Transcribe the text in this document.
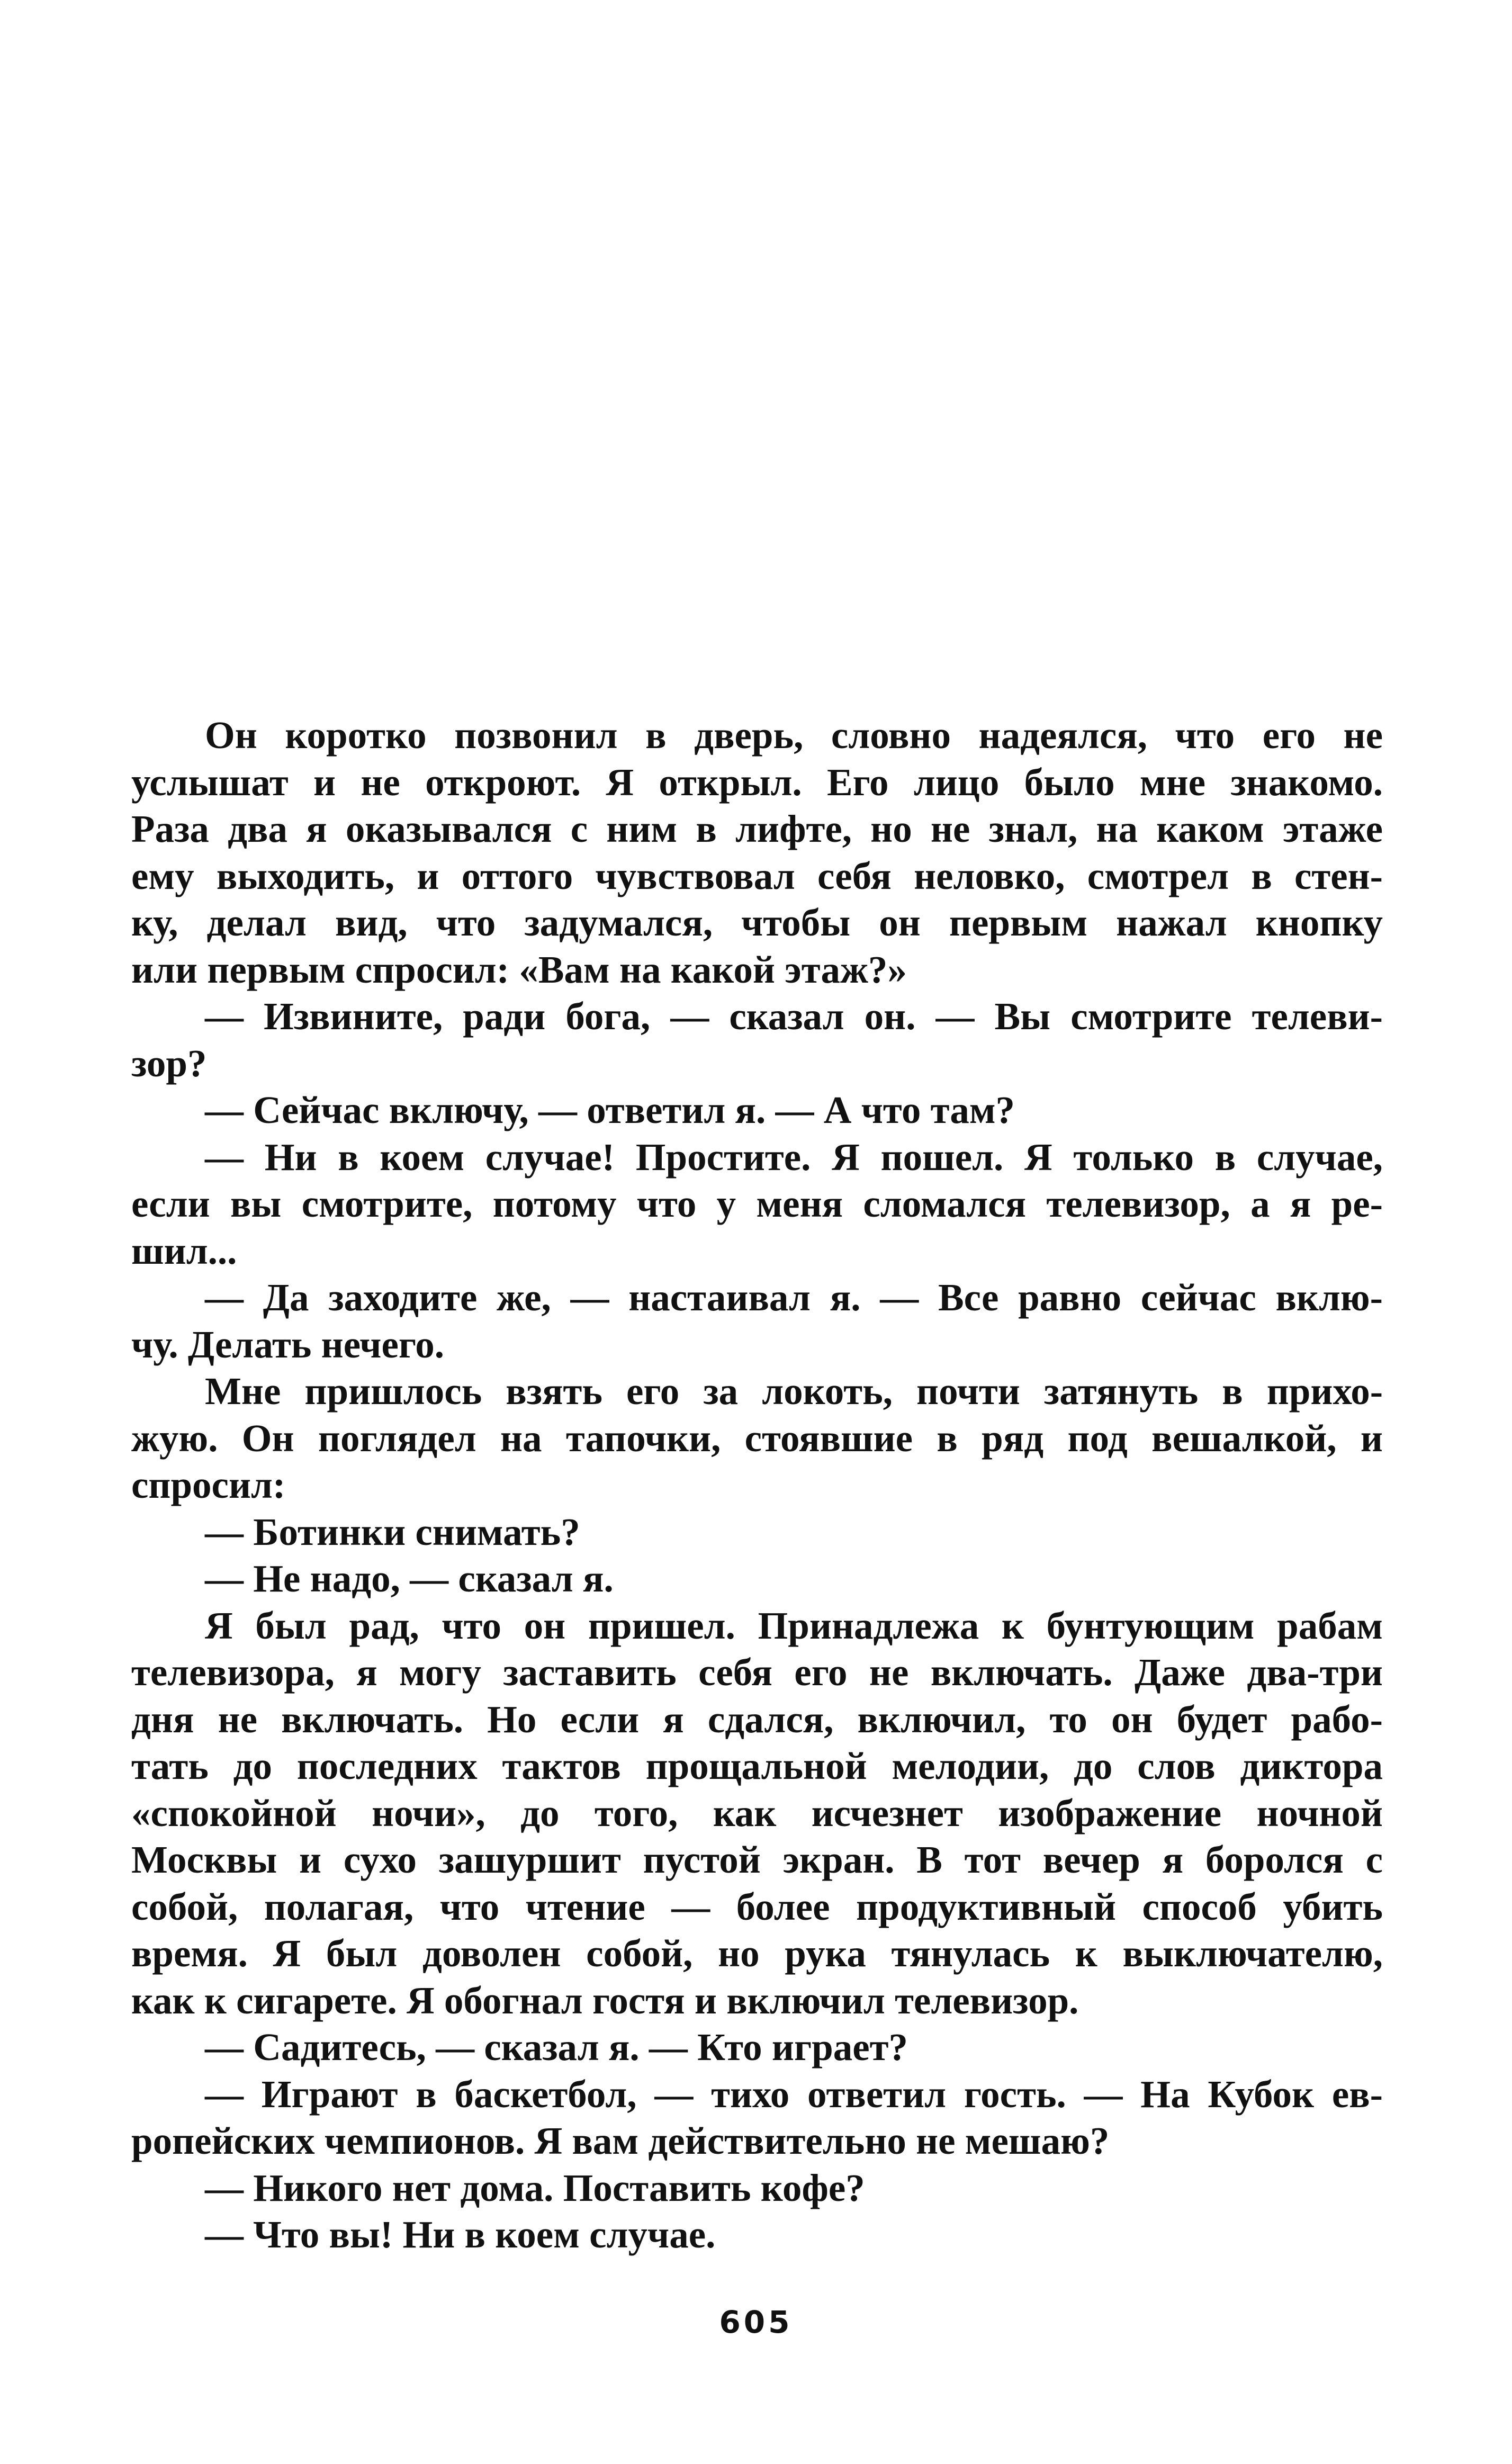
Он коротко позвонил в дверь, словно надеялся, что его не
услышат и не откроют. Я открыл. Его лицо было мне знакомо.
Раза два я оказывался с ним в лифте, но не знал, на каком этаже
ему выходить, и оттого чувствовал себя неловко, смотрел в стен-
ку, делал вид, что задумался, чтобы он первым нажал кнопку
или первым спросил: «Вам на какой этаж?»
— Извините, ради бога, — сказал он. — Вы смотрите телеви-
зор?
— Сейчас включу, — ответил я. — А что там?
— Ни в коем случае! Простите. Я пошел. Я только в случае,
если вы смотрите, потому что у меня сломался телевизор, а я ре-
шил...
— Да заходите же, — настаивал я. — Все равно сейчас вклю-
чу. Делать нечего.
Мне пришлось взять его за локоть, почти затянуть в прихо-
жую. Он поглядел на тапочки, стоявшие в ряд под вешалкой, и
спросил:
— Ботинки снимать?
— Не надо, — сказал я.
Я был рад, что он пришел. Принадлежа к бунтующим рабам
телевизора, я могу заставить себя его не включать. Даже два-три
дня не включать. Но если я сдался, включил, то он будет рабо-
тать до последних тактов прощальной мелодии, до слов диктора
«спокойной ночи», до того, как исчезнет изображение ночной
Москвы и сухо зашуршит пустой экран. В тот вечер я боролся с
собой, полагая, что чтение — более продуктивный способ убить
время. Я был доволен собой, но рука тянулась к выключателю,
как к сигарете. Я обогнал гостя и включил телевизор.
— Садитесь, — сказал я. — Кто играет?
— Играют в баскетбол, — тихо ответил гость. — На Кубок ев-
ропейских чемпионов. Я вам действительно не мешаю?
— Никого нет дома. Поставить кофе?
— Что вы! Ни в коем случае.
605
